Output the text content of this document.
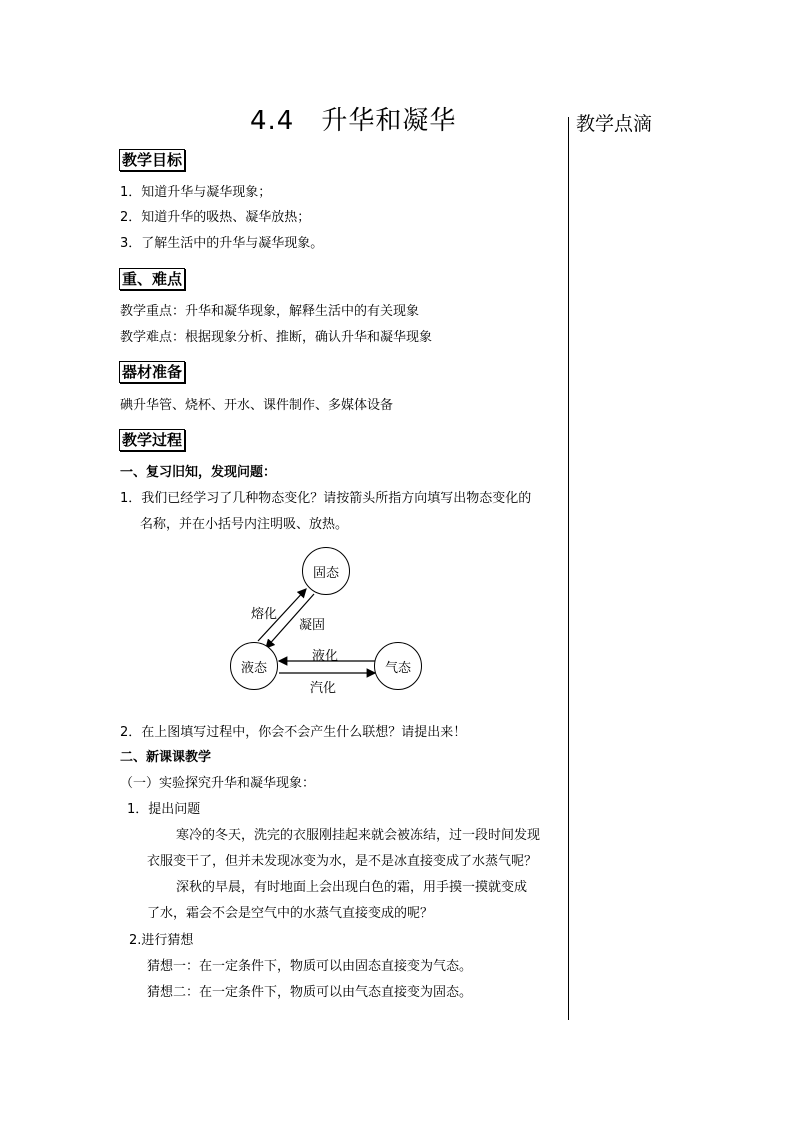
4.4　升华和凝华	教学点滴
教学目标
1．知道升华与凝华现象；
2．知道升华的吸热、凝华放热；
3．了解生活中的升华与凝华现象。
重、难点
教学重点：升华和凝华现象，解释生活中的有关现象
教学难点：根据现象分析、推断，确认升华和凝华现象
器材准备
碘升华管、烧杯、开水、课件制作、多媒体设备
教学过程
一、复习旧知，发现问题：
1．我们已经学习了几种物态变化？请按箭头所指方向填写出物态变化的
名称，并在小括号内注明吸、放热。
固态
液态	气态
熔化
凝固
液化
汽化
2．在上图填写过程中，你会不会产生什么联想？请提出来！
二、新课课教学
（一）实验探究升华和凝华现象：
1．提出问题
寒冷的冬天，洗完的衣服刚挂起来就会被冻结，过一段时间发现
衣服变干了，但并未发现冰变为水，是不是冰直接变成了水蒸气呢？
深秋的早晨，有时地面上会出现白色的霜，用手摸一摸就变成
了水，霜会不会是空气中的水蒸气直接变成的呢？
2.进行猜想
猜想一：在一定条件下，物质可以由固态直接变为气态。
猜想二：在一定条件下，物质可以由气态直接变为固态。
